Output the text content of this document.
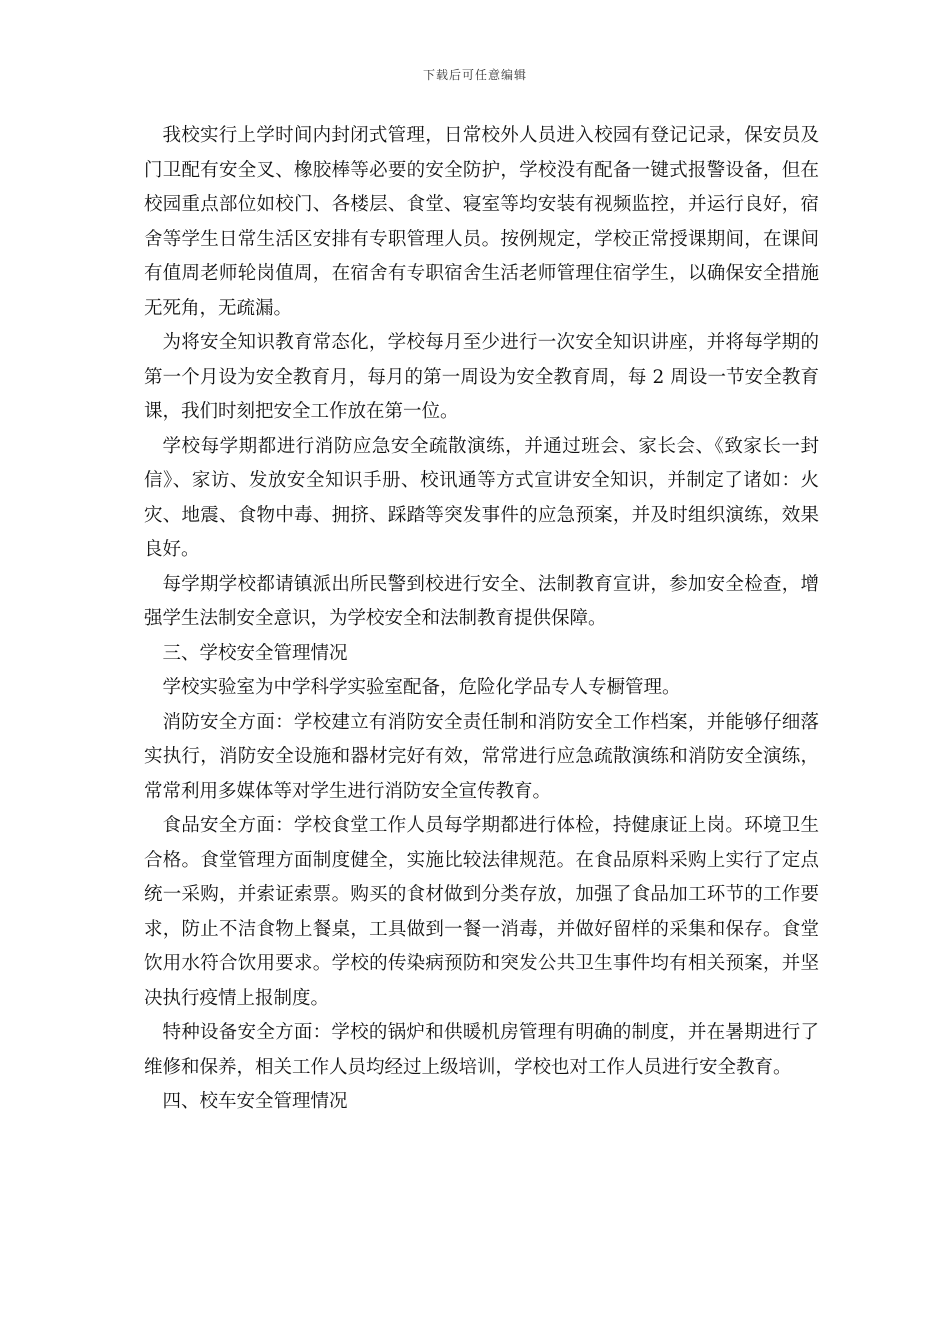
下载后可任意编辑

我校实行上学时间内封闭式管理，日常校外人员进入校园有登记记录，保安员及门卫配有安全叉、橡胶棒等必要的安全防护，学校没有配备一键式报警设备，但在校园重点部位如校门、各楼层、食堂、寝室等均安装有视频监控，并运行良好，宿舍等学生日常生活区安排有专职管理人员。按例规定，学校正常授课期间，在课间有值周老师轮岗值周，在宿舍有专职宿舍生活老师管理住宿学生，以确保安全措施无死角，无疏漏。

为将安全知识教育常态化，学校每月至少进行一次安全知识讲座，并将每学期的第一个月设为安全教育月，每月的第一周设为安全教育周，每 2 周设一节安全教育课，我们时刻把安全工作放在第一位。

学校每学期都进行消防应急安全疏散演练，并通过班会、家长会、《致家长一封信》、家访、发放安全知识手册、校讯通等方式宣讲安全知识，并制定了诸如：火灾、地震、食物中毒、拥挤、踩踏等突发事件的应急预案，并及时组织演练，效果良好。

每学期学校都请镇派出所民警到校进行安全、法制教育宣讲，参加安全检查，增强学生法制安全意识，为学校安全和法制教育提供保障。

三、学校安全管理情况

学校实验室为中学科学实验室配备，危险化学品专人专橱管理。

消防安全方面：学校建立有消防安全责任制和消防安全工作档案，并能够仔细落实执行，消防安全设施和器材完好有效，常常进行应急疏散演练和消防安全演练，常常利用多媒体等对学生进行消防安全宣传教育。

食品安全方面：学校食堂工作人员每学期都进行体检，持健康证上岗。环境卫生合格。食堂管理方面制度健全，实施比较法律规范。在食品原料采购上实行了定点统一采购，并索证索票。购买的食材做到分类存放，加强了食品加工环节的工作要求，防止不洁食物上餐桌，工具做到一餐一消毒，并做好留样的采集和保存。食堂饮用水符合饮用要求。学校的传染病预防和突发公共卫生事件均有相关预案，并坚决执行疫情上报制度。

特种设备安全方面：学校的锅炉和供暖机房管理有明确的制度，并在暑期进行了维修和保养，相关工作人员均经过上级培训，学校也对工作人员进行安全教育。

四、校车安全管理情况
